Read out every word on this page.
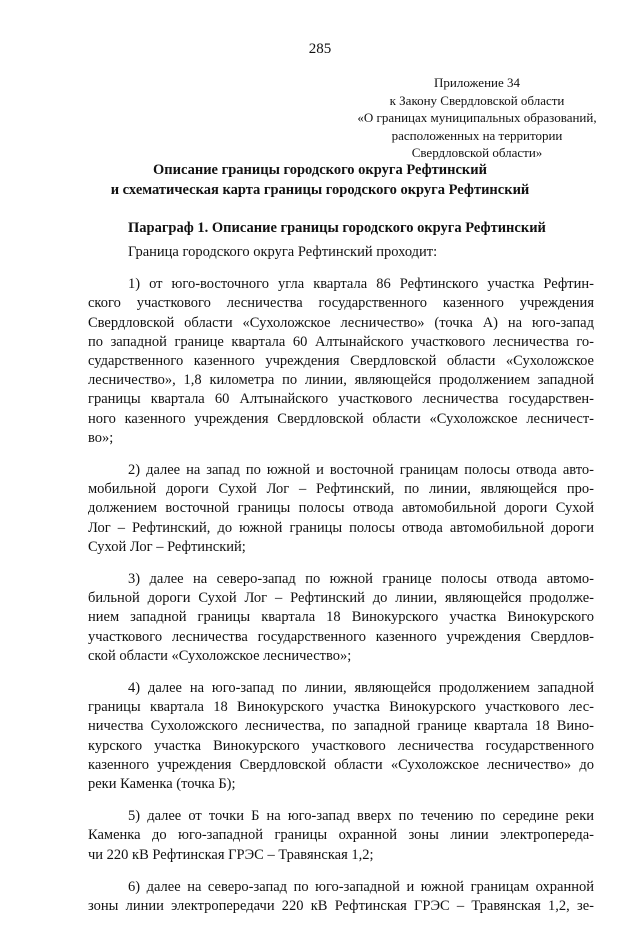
285
Приложение 34
к Закону Свердловской области
«О границах муниципальных образований,
расположенных на территории
Свердловской области»
Описание границы городского округа Рефтинский
и схематическая карта границы городского округа Рефтинский
Параграф 1. Описание границы городского округа Рефтинский

Граница городского округа Рефтинский проходит:

1) от юго-восточного угла квартала 86 Рефтинского участка Рефтин-
ского участкового лесничества государственного казенного учреждения
Свердловской области «Сухоложское лесничество» (точка А) на юго-запад
по западной границе квартала 60 Алтынайского участкового лесничества го-
сударственного казенного учреждения Свердловской области «Сухоложское
лесничество», 1,8 километра по линии, являющейся продолжением западной
границы квартала 60 Алтынайского участкового лесничества государствен-
ного казенного учреждения Свердловской области «Сухоложское лесничест-
во»;

2) далее на запад по южной и восточной границам полосы отвода авто-
мобильной дороги Сухой Лог – Рефтинский, по линии, являющейся про-
должением восточной границы полосы отвода автомобильной дороги Сухой
Лог – Рефтинский, до южной границы полосы отвода автомобильной дороги
Сухой Лог – Рефтинский;

3) далее на северо-запад по южной границе полосы отвода автомо-
бильной дороги Сухой Лог – Рефтинский до линии, являющейся продолже-
нием западной границы квартала 18 Винокурского участка Винокурского
участкового лесничества государственного казенного учреждения Свердлов-
ской области «Сухоложское лесничество»;

4) далее на юго-запад по линии, являющейся продолжением западной
границы квартала 18 Винокурского участка Винокурского участкового лес-
ничества Сухоложского лесничества, по западной границе квартала 18 Вино-
курского участка Винокурского участкового лесничества государственного
казенного учреждения Свердловской области «Сухоложское лесничество» до
реки Каменка (точка Б);

5) далее от точки Б на юго-запад вверх по течению по середине реки
Каменка до юго-западной границы охранной зоны линии электропереда-
чи 220 кВ Рефтинская ГРЭС – Травянская 1,2;

6) далее на северо-запад по юго-западной и южной границам охранной
зоны линии электропередачи 220 кВ Рефтинская ГРЭС – Травянская 1,2, зе-
